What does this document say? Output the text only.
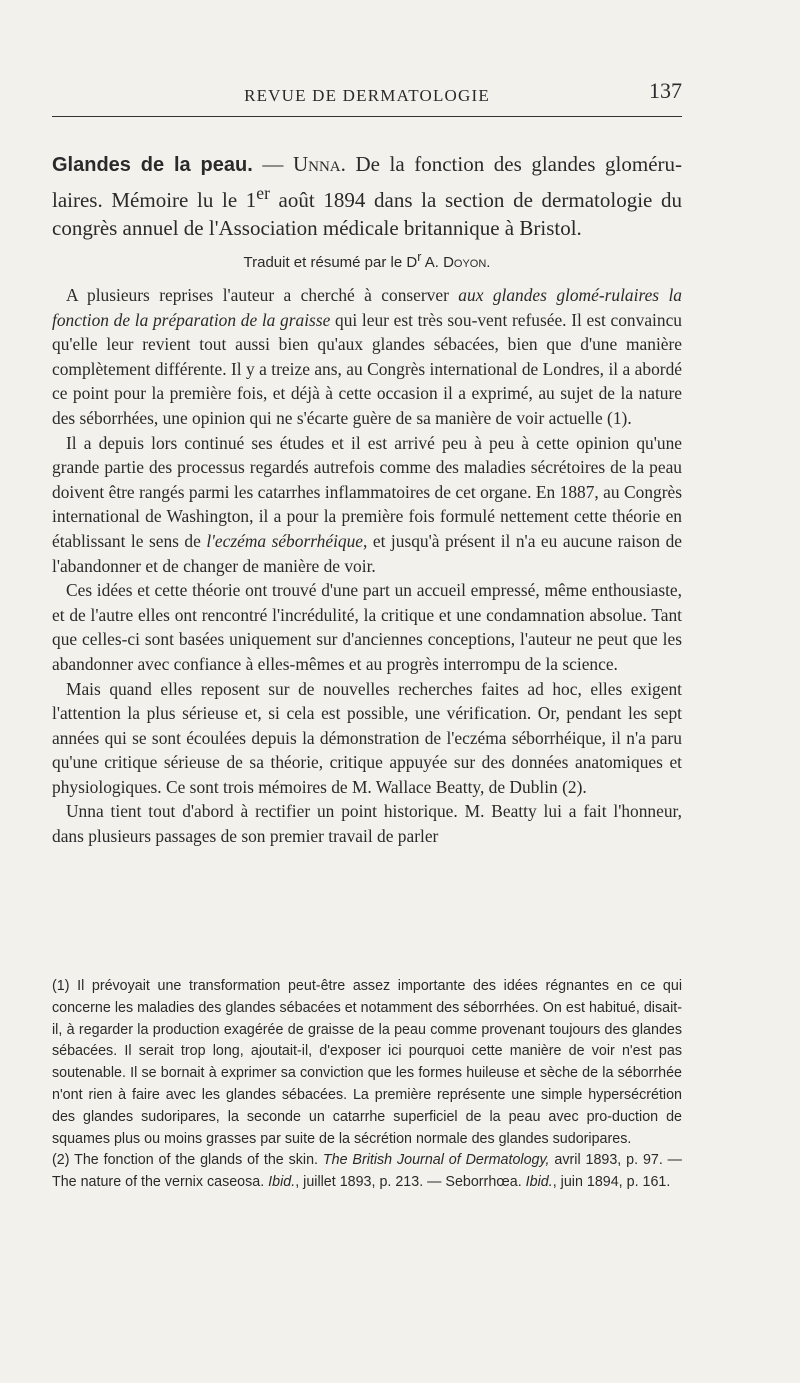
REVUE DE DERMATOLOGIE	137
Glandes de la peau. — Unna. De la fonction des glandes gloméru-laires. Mémoire lu le 1er août 1894 dans la section de dermatologie du congrès annuel de l'Association médicale britannique à Bristol.
Traduit et résumé par le $D^r$ A. Doyon.

A plusieurs reprises l'auteur a cherché à conserver aux glandes glomé-rulaires la fonction de la préparation de la graisse qui leur est très sou-vent refusée. Il est convaincu qu'elle leur revient tout aussi bien qu'aux glandes sébacées, bien que d'une manière complètement différente. Il y a treize ans, au Congrès international de Londres, il a abordé ce point pour la première fois, et déjà à cette occasion il a exprimé, au sujet de la nature des séborrhées, une opinion qui ne s'écarte guère de sa manière de voir actuelle (1).

Il a depuis lors continué ses études et il est arrivé peu à peu à cette opinion qu'une grande partie des processus regardés autrefois comme des maladies sécrétoires de la peau doivent être rangés parmi les catarrhes inflammatoires de cet organe. En 1887, au Congrès international de Washington, il a pour la première fois formulé nettement cette théorie en établissant le sens de l'eczéma séborrhéique, et jusqu'à présent il n'a eu aucune raison de l'abandonner et de changer de manière de voir.

Ces idées et cette théorie ont trouvé d'une part un accueil empressé, même enthousiaste, et de l'autre elles ont rencontré l'incrédulité, la critique et une condamnation absolue. Tant que celles-ci sont basées uniquement sur d'anciennes conceptions, l'auteur ne peut que les abandonner avec confiance à elles-mêmes et au progrès interrompu de la science.

Mais quand elles reposent sur de nouvelles recherches faites ad hoc, elles exigent l'attention la plus sérieuse et, si cela est possible, une vérification. Or, pendant les sept années qui se sont écoulées depuis la démonstration de l'eczéma séborrhéique, il n'a paru qu'une critique sérieuse de sa théorie, critique appuyée sur des données anatomiques et physiologiques. Ce sont trois mémoires de M. Wallace Beatty, de Dublin (2).

Unna tient tout d'abord à rectifier un point historique. M. Beatty lui a fait l'honneur, dans plusieurs passages de son premier travail de parler

(1) Il prévoyait une transformation peut-être assez importante des idées régnantes en ce qui concerne les maladies des glandes sébacées et notamment des séborrhées. On est habitué, disait-il, à regarder la production exagérée de graisse de la peau comme provenant toujours des glandes sébacées. Il serait trop long, ajoutait-il, d'exposer ici pourquoi cette manière de voir n'est pas soutenable. Il se bornait à exprimer sa conviction que les formes huileuse et sèche de la séborrhée n'ont rien à faire avec les glandes sébacées. La première représente une simple hypersécrétion des glandes sudoripares, la seconde un catarrhe superficiel de la peau avec pro-duction de squames plus ou moins grasses par suite de la sécrétion normale des glandes sudoripares.

(2) The fonction of the glands of the skin. The British Journal of Dermatology, avril 1893, p. 97. — The nature of the vernix caseosa. Ibid., juillet 1893, p. 213. — Seborrhœa. Ibid., juin 1894, p. 161.
